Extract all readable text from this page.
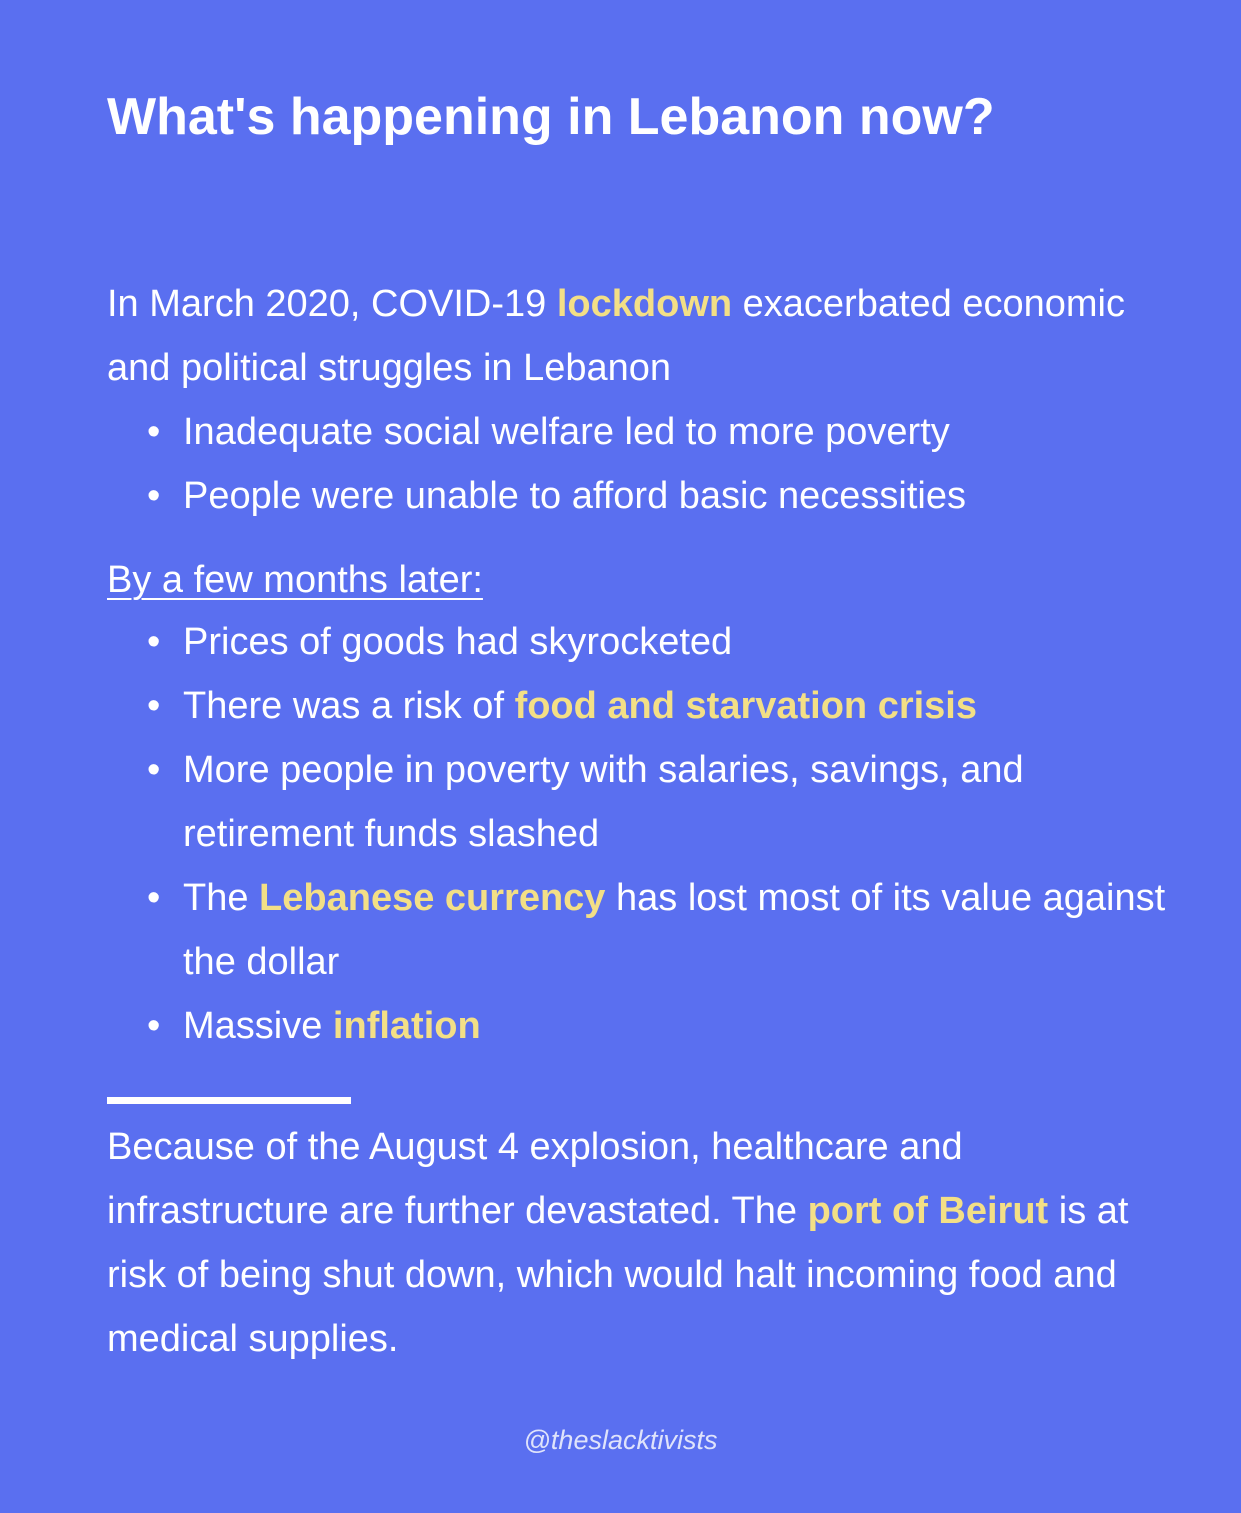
What's happening in Lebanon now?

In March 2020, COVID-19 lockdown exacerbated economic and political struggles in Lebanon

• Inadequate social welfare led to more poverty
• People were unable to afford basic necessities

By a few months later:

• Prices of goods had skyrocketed
• There was a risk of food and starvation crisis
• More people in poverty with salaries, savings, and retirement funds slashed
• The Lebanese currency has lost most of its value against the dollar
• Massive inflation

Because of the August 4 explosion, healthcare and infrastructure are further devastated. The port of Beirut is at risk of being shut down, which would halt incoming food and medical supplies.

@theslacktivists
